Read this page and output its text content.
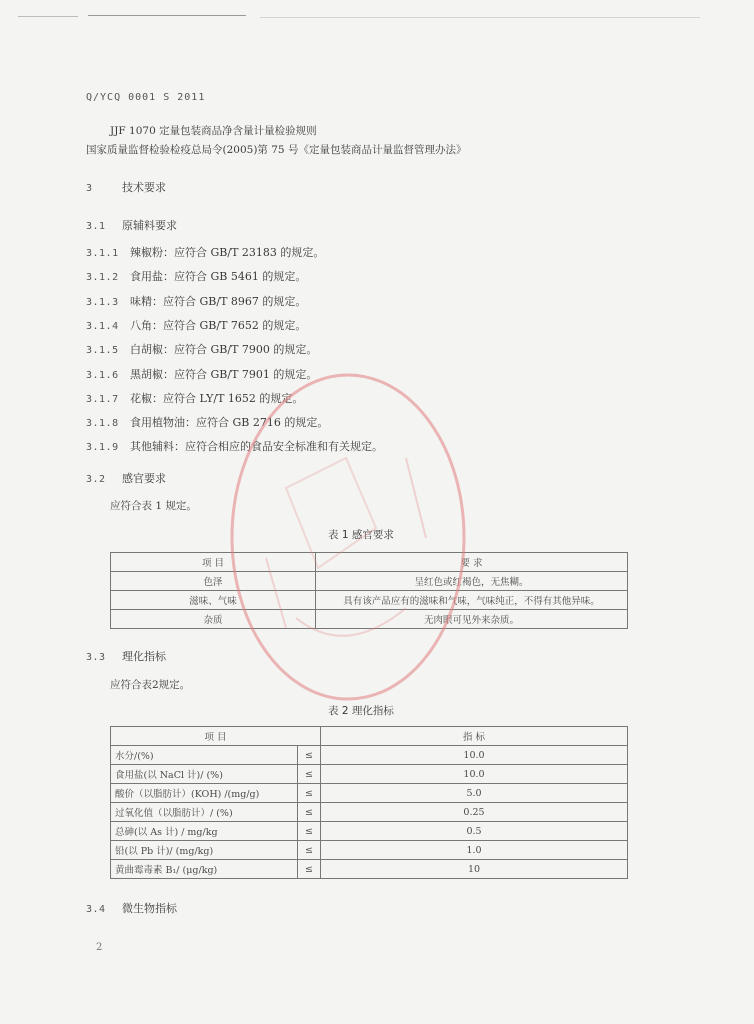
Q/YCQ 0001 S 2011
JJF 1070 定量包装商品净含量计量检验规则
国家质量监督检验检疫总局令(2005)第 75 号《定量包装商品计量监督管理办法》
3	技术要求
3.1 原辅料要求
3.1.1 辣椒粉：应符合 GB/T 23183 的规定。
3.1.2 食用盐：应符合 GB 5461 的规定。
3.1.3 味精：应符合 GB/T 8967 的规定。
3.1.4 八角：应符合 GB/T 7652 的规定。
3.1.5 白胡椒：应符合 GB/T 7900 的规定。
3.1.6 黑胡椒：应符合 GB/T 7901 的规定。
3.1.7 花椒：应符合 LY/T 1652 的规定。
3.1.8 食用植物油：应符合 GB 2716 的规定。
3.1.9 其他辅料：应符合相应的食品安全标准和有关规定。
3.2 感官要求
应符合表 1 规定。
表 1 感官要求
项 目	要 求
色泽	呈红色或红褐色，无焦糊。
滋味、气味	具有该产品应有的滋味和气味，气味纯正，不得有其他异味。
杂质	无肉眼可见外来杂质。
3.3 理化指标
应符合表2规定。
表 2 理化指标
项 目		指 标
水分/(%)	≤	10.0
食用盐(以 NaCl 计)/ (%)	≤	10.0
酸价（以脂肪计）(KOH) /(mg/g)	≤	5.0
过氧化值（以脂肪计）/ (%)	≤	0.25
总砷(以 As 计) / mg/kg	≤	0.5
铅(以 Pb 计)/ (mg/kg)	≤	1.0
黄曲霉毒素 B₁/ (μg/kg)	≤	10
3.4 微生物指标
2
